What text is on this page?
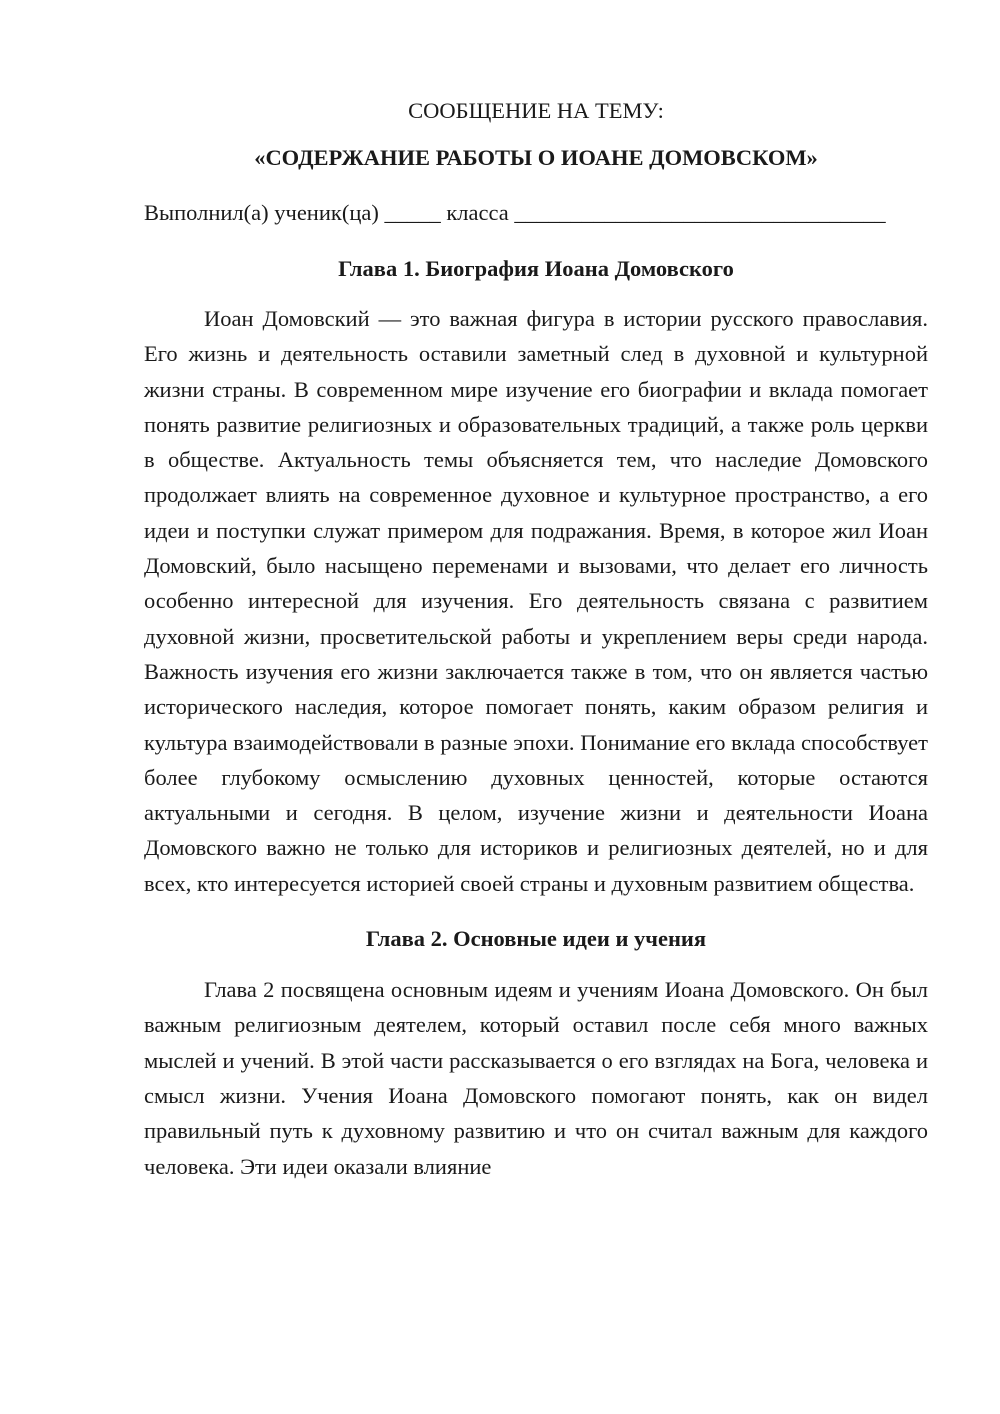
СООБЩЕНИЕ НА ТЕМУ:
«СОДЕРЖАНИЕ РАБОТЫ О ИОАНЕ ДОМОВСКОМ»
Выполнил(а) ученик(ца) _____ класса _________________________________
Глава 1. Биография Иоана Домовского

Иоан Домовский — это важная фигура в истории русского православия. Его жизнь и деятельность оставили заметный след в духовной и культурной жизни страны. В современном мире изучение его биографии и вклада помогает понять развитие религиозных и образовательных традиций, а также роль церкви в обществе. Актуальность темы объясняется тем, что наследие Домовского продолжает влиять на современное духовное и культурное пространство, а его идеи и поступки служат примером для подражания. Время, в которое жил Иоан Домовский, было насыщено переменами и вызовами, что делает его личность особенно интересной для изучения. Его деятельность связана с развитием духовной жизни, просветительской работы и укреплением веры среди народа. Важность изучения его жизни заключается также в том, что он является частью исторического наследия, которое помогает понять, каким образом религия и культура взаимодействовали в разные эпохи. Понимание его вклада способствует более глубокому осмыслению духовных ценностей, которые остаются актуальными и сегодня. В целом, изучение жизни и деятельности Иоана Домовского важно не только для историков и религиозных деятелей, но и для всех, кто интересуется историей своей страны и духовным развитием общества.

Глава 2. Основные идеи и учения

Глава 2 посвящена основным идеям и учениям Иоана Домовского. Он был важным религиозным деятелем, который оставил после себя много важных мыслей и учений. В этой части рассказывается о его взглядах на Бога, человека и смысл жизни. Учения Иоана Домовского помогают понять, как он видел правильный путь к духовному развитию и что он считал важным для каждого человека. Эти идеи оказали влияние
